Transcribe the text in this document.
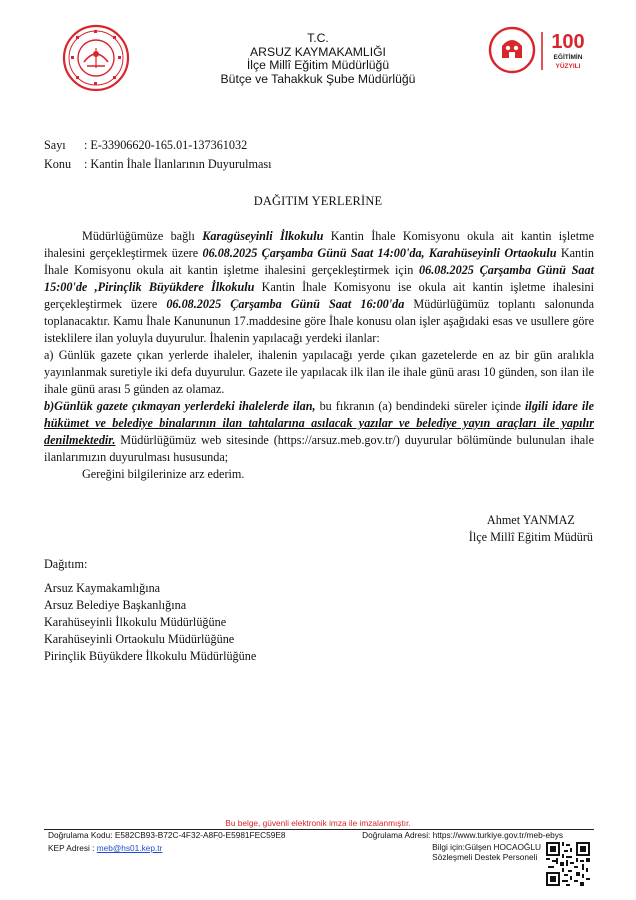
100
EĞİTİMİN
YÜZYILI
T.C.
ARSUZ KAYMAKAMLIĞI
İlçe Millî Eğitim Müdürlüğü
Bütçe ve Tahakkuk Şube Müdürlüğü
Sayı : E-33906620-165.01-137361032
Konu : Kantin İhale İlanlarının Duyurulması
DAĞITIM YERLERİNE

Müdürlüğümüze bağlı Karagüseyinli İlkokulu Kantin İhale Komisyonu okula ait kantin işletme ihalesini gerçekleştirmek üzere 06.08.2025 Çarşamba Günü Saat 14:00'da, Karahüseyinli Ortaokulu Kantin İhale Komisyonu okula ait kantin işletme ihalesini gerçekleştirmek için 06.08.2025 Çarşamba Günü Saat 15:00'de ,Pirinçlik Büyükdere İlkokulu Kantin İhale Komisyonu ise okula ait kantin işletme ihalesini gerçekleştirmek üzere 06.08.2025 Çarşamba Günü Saat 16:00'da Müdürlüğümüz toplantı salonunda toplanacaktır. Kamu İhale Kanununun 17.maddesine göre İhale konusu olan işler aşağıdaki esas ve usullere göre isteklilere ilan yoluyla duyurulur. İhalenin yapılacağı yerdeki ilanlar:

a) Günlük gazete çıkan yerlerde ihaleler, ihalenin yapılacağı yerde çıkan gazetelerde en az bir gün aralıkla yayınlanmak suretiyle iki defa duyurulur. Gazete ile yapılacak ilk ilan ile ihale günü arası 10 günden, son ilan ile ihale günü arası 5 günden az olamaz.

b)Günlük gazete çıkmayan yerlerdeki ihalelerde ilan, bu fıkranın (a) bendindeki süreler içinde ilgili idare ile hükümet ve belediye binalarının ilan tahtalarına asılacak yazılar ve belediye yayın araçları ile yapılır denilmektedir. Müdürlüğümüz web sitesinde (https://arsuz.meb.gov.tr/) duyurular bölümünde bulunulan ihale ilanlarımızın duyurulması hususunda;

Gereğini bilgilerinize arz ederim.

Ahmet YANMAZ
İlçe Millî Eğitim Müdürü
Dağıtım:
Arsuz Kaymakamlığına
Arsuz Belediye Başkanlığına
Karahüseyinli İlkokulu Müdürlüğüne
Karahüseyinli Ortaokulu Müdürlüğüne
Pirinçlik Büyükdere İlkokulu Müdürlüğüne
Bu belge, güvenli elektronik imza ile imzalanmıştır.
Doğrulama Kodu: E582CB93-B72C-4F32-A8F0-E5981FEC59E8	Doğrulama Adresi: https://www.turkiye.gov.tr/meb-ebys
KEP Adresi : meb@hs01.kep.tr	Bilgi için:Gülşen HOCAOĞLU
Sözleşmeli Destek Personeli
